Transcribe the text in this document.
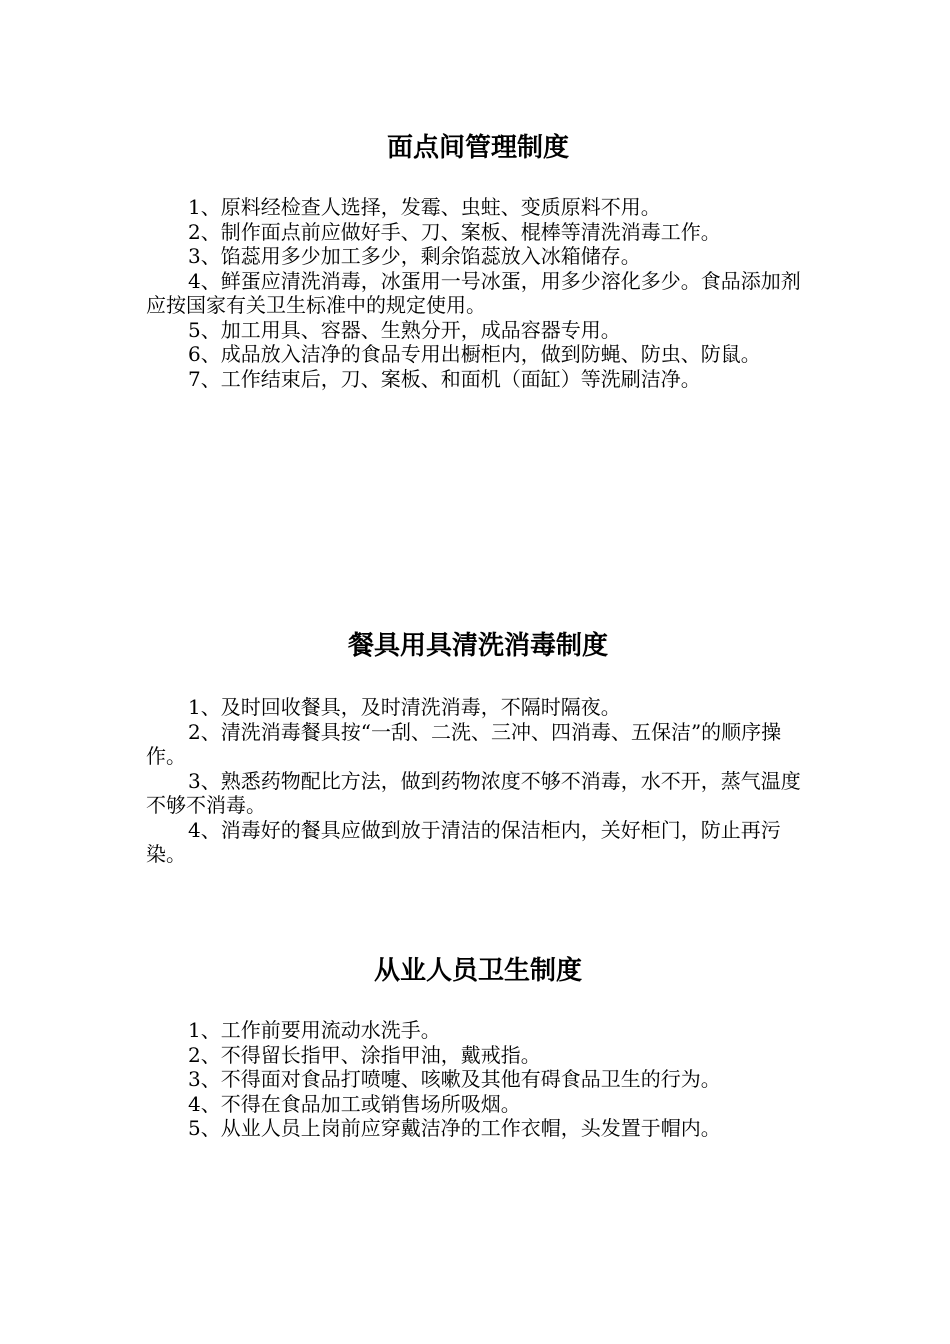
面点间管理制度

1、原料经检查人选择，发霉、虫蛀、变质原料不用。

2、制作面点前应做好手、刀、案板、棍棒等清洗消毒工作。

3、馅蕊用多少加工多少，剩余馅蕊放入冰箱储存。

4、鲜蛋应清洗消毒，冰蛋用一号冰蛋，用多少溶化多少。食品添加剂应按国家有关卫生标准中的规定使用。

5、加工用具、容器、生熟分开，成品容器专用。

6、成品放入洁净的食品专用出橱柜内，做到防蝇、防虫、防鼠。

7、工作结束后，刀、案板、和面机（面缸）等洗刷洁净。

餐具用具清洗消毒制度

1、及时回收餐具，及时清洗消毒，不隔时隔夜。

2、清洗消毒餐具按“一刮、二洗、三冲、四消毒、五保洁”的顺序操作。

3、熟悉药物配比方法，做到药物浓度不够不消毒，水不开，蒸气温度不够不消毒。

4、消毒好的餐具应做到放于清洁的保洁柜内，关好柜门，防止再污染。

从业人员卫生制度

1、工作前要用流动水洗手。

2、不得留长指甲、涂指甲油，戴戒指。

3、不得面对食品打喷嚏、咳嗽及其他有碍食品卫生的行为。

4、不得在食品加工或销售场所吸烟。

5、从业人员上岗前应穿戴洁净的工作衣帽，头发置于帽内。
